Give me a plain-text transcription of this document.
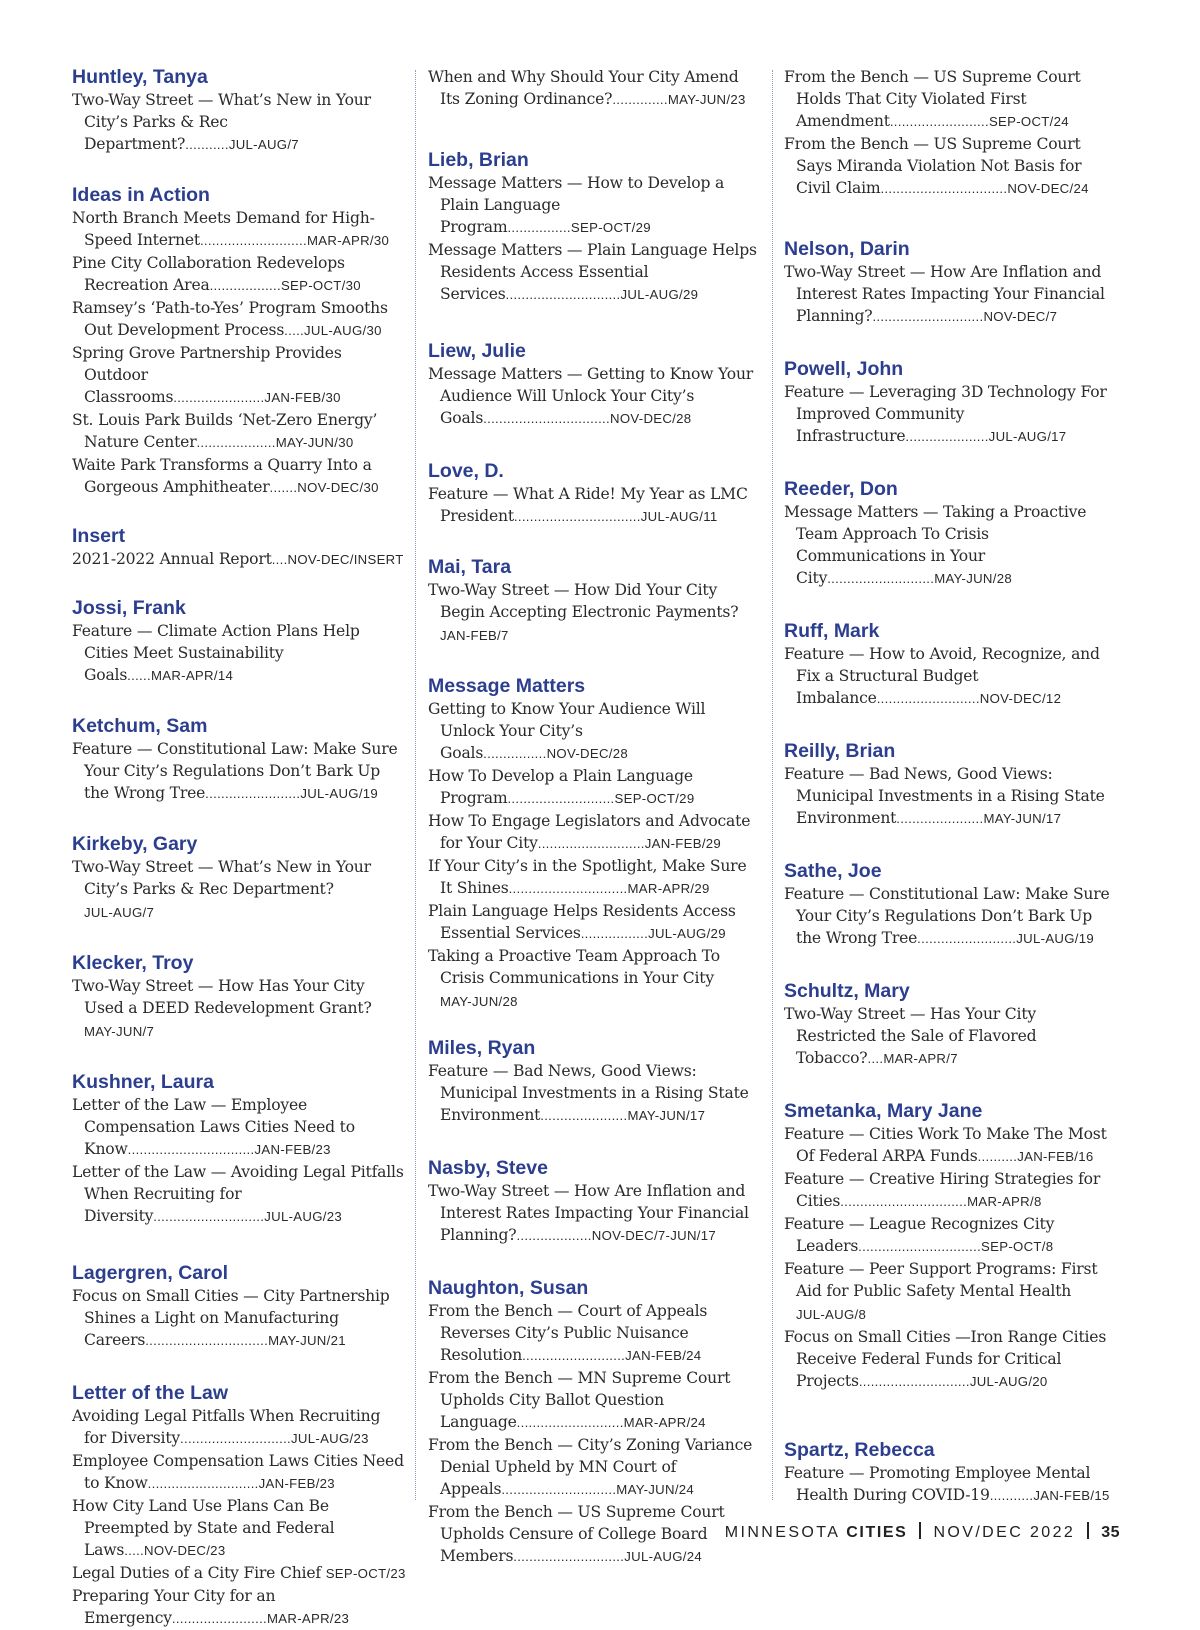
Huntley, Tanya
Two-Way Street — What’s New in Your City’s Parks & Rec Department?...........JUL-AUG/7
Ideas in Action
North Branch Meets Demand for High-Speed Internet...........................MAR-APR/30
Pine City Collaboration Redevelops Recreation Area..................SEP-OCT/30
Ramsey’s ‘Path-to-Yes’ Program Smooths Out Development Process.....JUL-AUG/30
Spring Grove Partnership Provides Outdoor Classrooms.......................JAN-FEB/30
St. Louis Park Builds ‘Net-Zero Energy’ Nature Center....................MAY-JUN/30
Waite Park Transforms a Quarry Into a Gorgeous Amphitheater.......NOV-DEC/30
Insert
2021-2022 Annual Report....NOV-DEC/INSERT
Jossi, Frank
Feature — Climate Action Plans Help Cities Meet Sustainability Goals......MAR-APR/14
Ketchum, Sam
Feature — Constitutional Law: Make Sure Your City’s Regulations Don’t Bark Up the Wrong Tree........................JUL-AUG/19
Kirkeby, Gary
Two-Way Street — What’s New in Your City’s Parks & Rec Department? JUL-AUG/7
Klecker, Troy
Two-Way Street — How Has Your City Used a DEED Redevelopment Grant? MAY-JUN/7
Kushner, Laura
Letter of the Law — Employee Compensation Laws Cities Need to Know................................JAN-FEB/23
Letter of the Law — Avoiding Legal Pitfalls When Recruiting for Diversity............................JUL-AUG/23
Lagergren, Carol
Focus on Small Cities — City Partnership Shines a Light on Manufacturing Careers...............................MAY-JUN/21
Letter of the Law
Avoiding Legal Pitfalls When Recruiting for Diversity............................JUL-AUG/23
Employee Compensation Laws Cities Need to Know............................JAN-FEB/23
How City Land Use Plans Can Be Preempted by State and Federal Laws.....NOV-DEC/23
Legal Duties of a City Fire Chief SEP-OCT/23
Preparing Your City for an Emergency........................MAR-APR/23
When and Why Should Your City Amend Its Zoning Ordinance?..............MAY-JUN/23
Lieb, Brian
Message Matters — How to Develop a Plain Language Program................SEP-OCT/29
Message Matters — Plain Language Helps Residents Access Essential Services.............................JUL-AUG/29
Liew, Julie
Message Matters — Getting to Know Your Audience Will Unlock Your City’s Goals................................NOV-DEC/28
Love, D.
Feature — What A Ride! My Year as LMC President................................JUL-AUG/11
Mai, Tara
Two-Way Street — How Did Your City Begin Accepting Electronic Payments? JAN-FEB/7
Message Matters
Getting to Know Your Audience Will Unlock Your City’s Goals................NOV-DEC/28
How To Develop a Plain Language Program...........................SEP-OCT/29
How To Engage Legislators and Advocate for Your City...........................JAN-FEB/29
If Your City’s in the Spotlight, Make Sure It Shines..............................MAR-APR/29
Plain Language Helps Residents Access Essential Services.................JUL-AUG/29
Taking a Proactive Team Approach To Crisis Communications in Your City MAY-JUN/28
Miles, Ryan
Feature — Bad News, Good Views: Municipal Investments in a Rising State Environment......................MAY-JUN/17
Nasby, Steve
Two-Way Street — How Are Inflation and Interest Rates Impacting Your Financial Planning?...................NOV-DEC/7-JUN/17
Naughton, Susan
From the Bench — Court of Appeals Reverses City’s Public Nuisance Resolution..........................JAN-FEB/24
From the Bench — MN Supreme Court Upholds City Ballot Question Language...........................MAR-APR/24
From the Bench — City’s Zoning Variance Denial Upheld by MN Court of Appeals.............................MAY-JUN/24
From the Bench — US Supreme Court Upholds Censure of College Board Members............................JUL-AUG/24
From the Bench — US Supreme Court Holds That City Violated First Amendment.........................SEP-OCT/24
From the Bench — US Supreme Court Says Miranda Violation Not Basis for Civil Claim................................NOV-DEC/24
Nelson, Darin
Two-Way Street — How Are Inflation and Interest Rates Impacting Your Financial Planning?............................NOV-DEC/7
Powell, John
Feature — Leveraging 3D Technology For Improved Community Infrastructure.....................JUL-AUG/17
Reeder, Don
Message Matters — Taking a Proactive Team Approach To Crisis Communications in Your City...........................MAY-JUN/28
Ruff, Mark
Feature — How to Avoid, Recognize, and Fix a Structural Budget Imbalance..........................NOV-DEC/12
Reilly, Brian
Feature — Bad News, Good Views: Municipal Investments in a Rising State Environment......................MAY-JUN/17
Sathe, Joe
Feature — Constitutional Law: Make Sure Your City’s Regulations Don’t Bark Up the Wrong Tree.........................JUL-AUG/19
Schultz, Mary
Two-Way Street — Has Your City Restricted the Sale of Flavored Tobacco?....MAR-APR/7
Smetanka, Mary Jane
Feature — Cities Work To Make The Most Of Federal ARPA Funds..........JAN-FEB/16
Feature — Creative Hiring Strategies for Cities................................MAR-APR/8
Feature — League Recognizes City Leaders...............................SEP-OCT/8
Feature — Peer Support Programs: First Aid for Public Safety Mental Health JUL-AUG/8
Focus on Small Cities —Iron Range Cities Receive Federal Funds for Critical Projects............................JUL-AUG/20
Spartz, Rebecca
Feature — Promoting Employee Mental Health During COVID-19...........JAN-FEB/15
MINNESOTA CITIES NOV/DEC 2022 35
